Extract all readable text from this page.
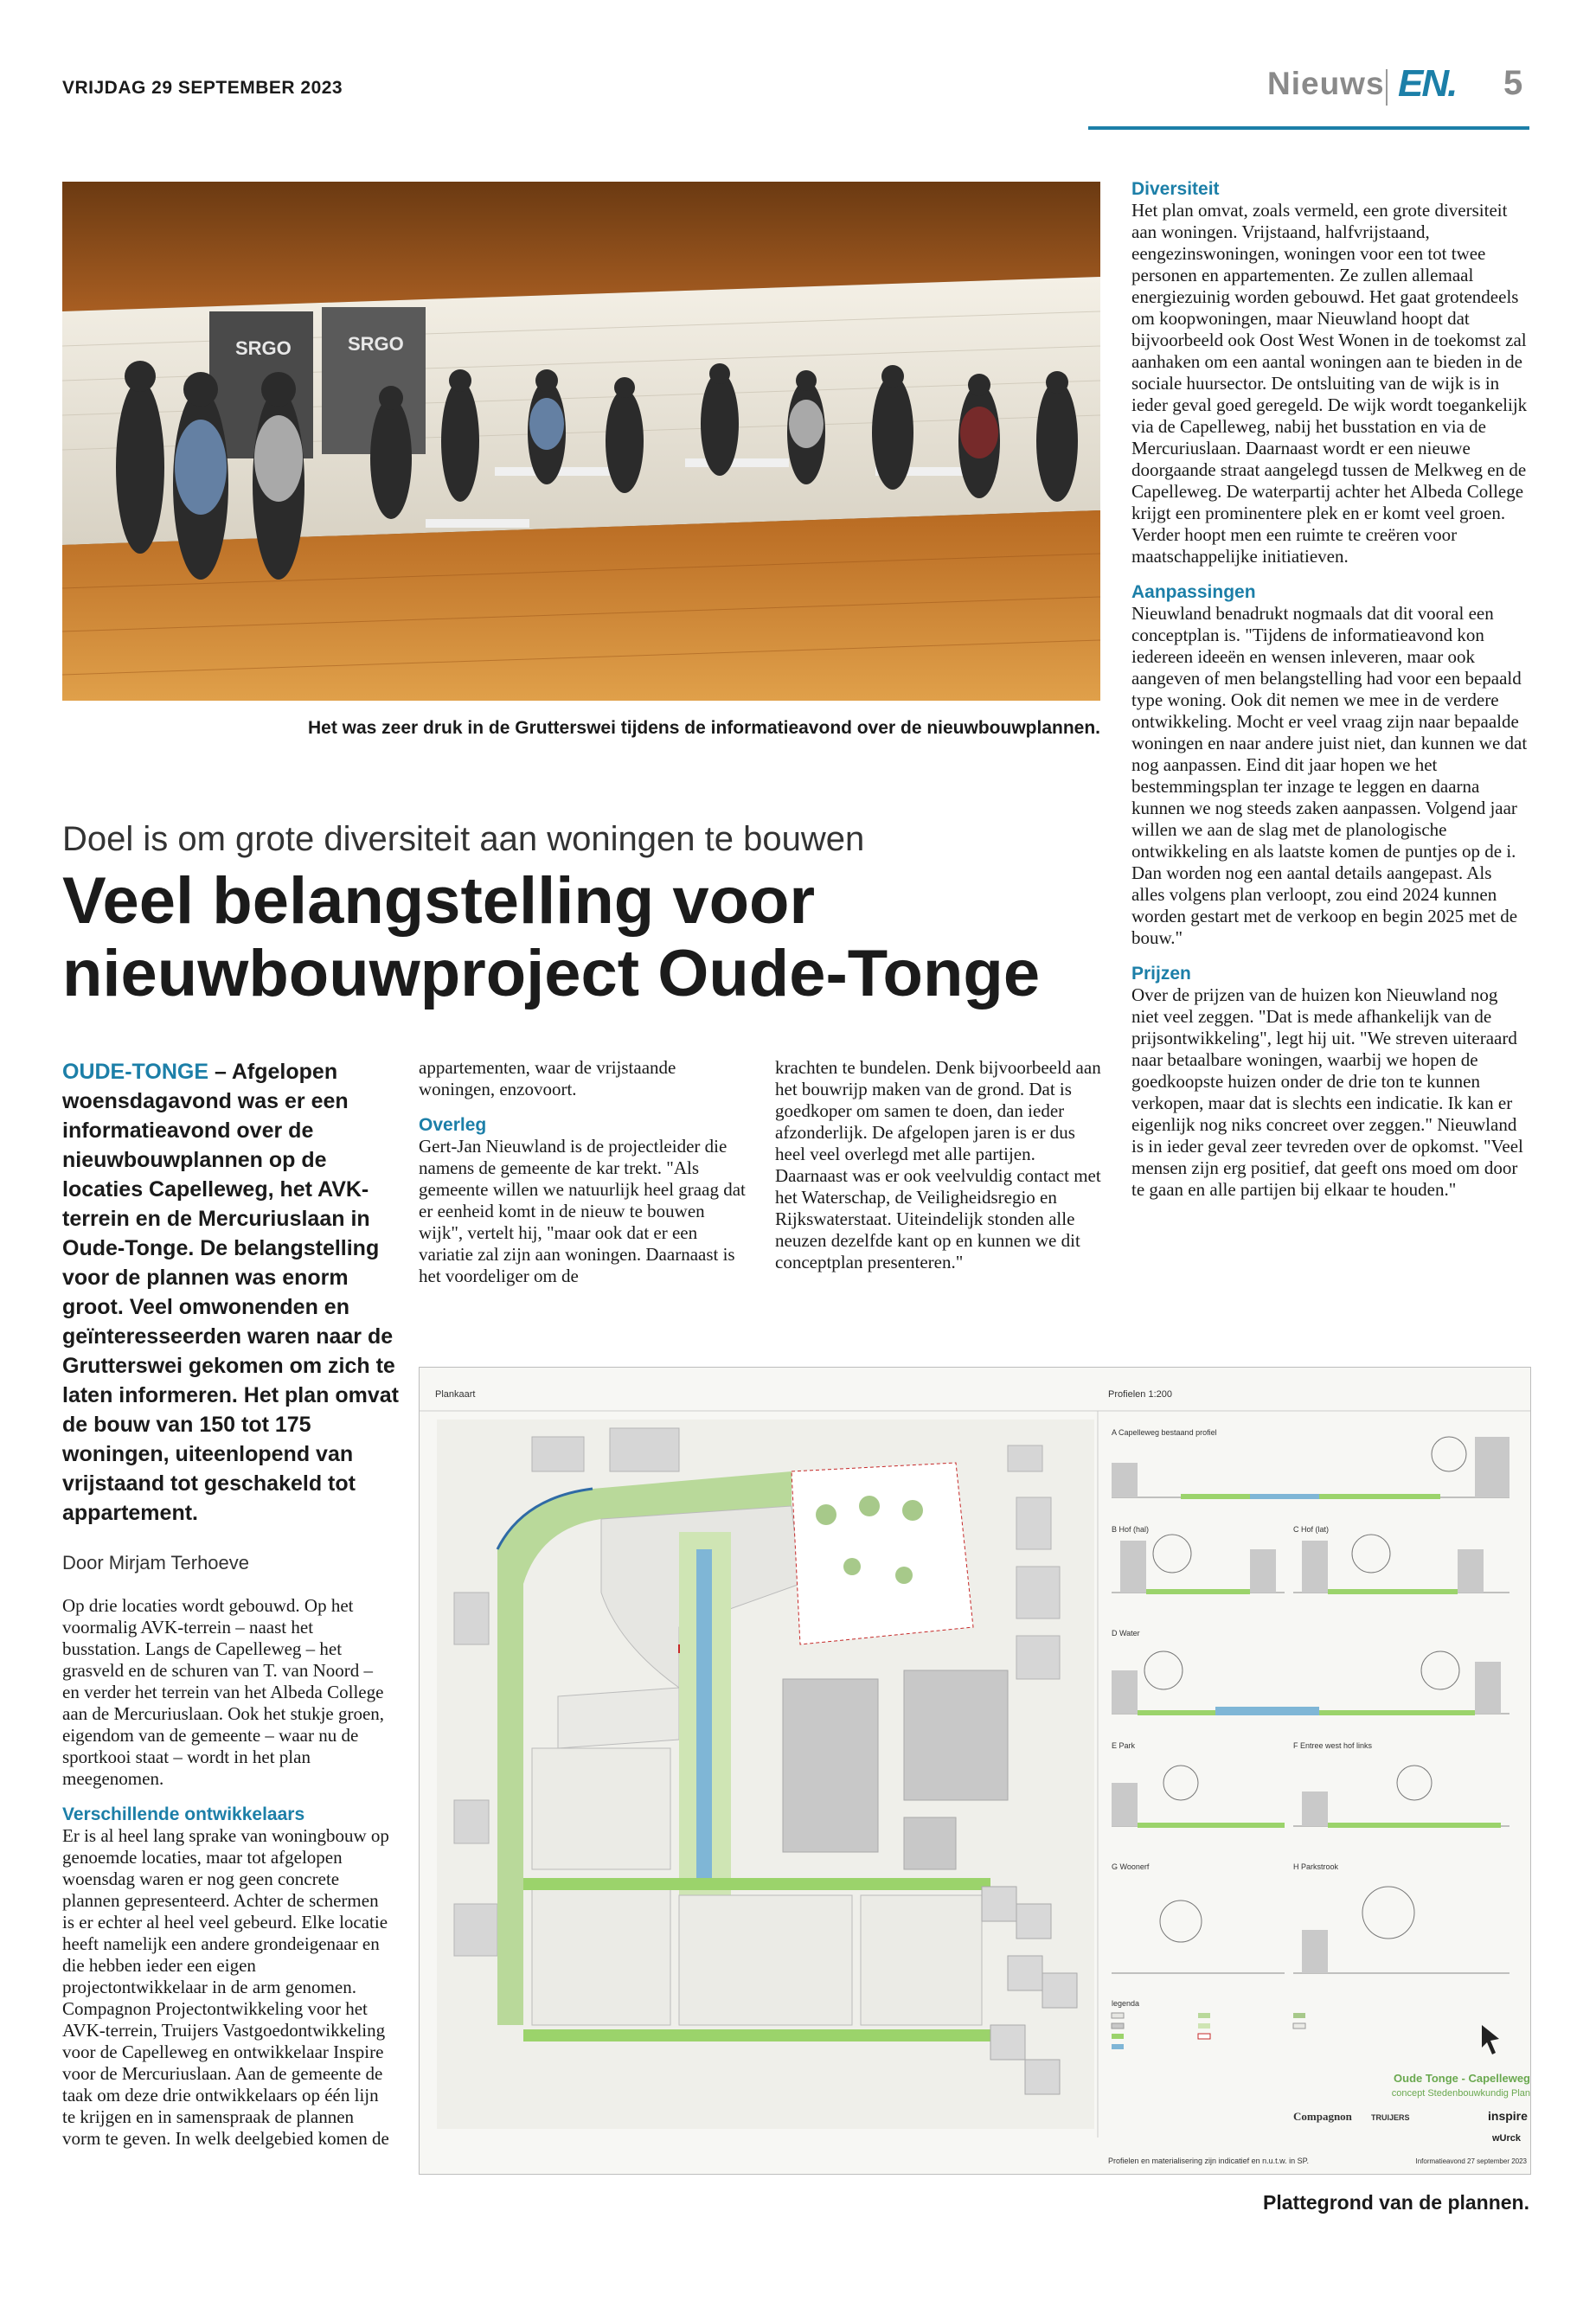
VRIJDAG 29 SEPTEMBER 2023	Nieuws EN. 5
SRGO	SRGO
Het was zeer druk in de Grutterswei tijdens de informatieavond over de nieuwbouwplannen.
Doel is om grote diversiteit aan woningen te bouwen
Veel belangstelling voor nieuwbouwproject Oude-Tonge
OUDE-TONGE – Afgelopen woensdagavond was er een informatieavond over de nieuwbouwplannen op de locaties Capelleweg, het AVK-terrein en de Mercuriuslaan in Oude-Tonge. De belangstelling voor de plannen was enorm groot. Veel omwonenden en geïnteresseerden waren naar de Grutterswei gekomen om zich te laten informeren. Het plan omvat de bouw van 150 tot 175 woningen, uiteenlopend van vrijstaand tot geschakeld tot appartement.
Door Mirjam Terhoeve
Op drie locaties wordt gebouwd. Op het voormalig AVK-terrein – naast het busstation. Langs de Capelleweg – het grasveld en de schuren van T. van Noord – en verder het terrein van het Albeda College aan de Mercuriuslaan. Ook het stukje groen, eigendom van de gemeente – waar nu de sportkooi staat – wordt in het plan meegenomen.
Verschillende ontwikkelaars
Er is al heel lang sprake van woningbouw op genoemde locaties, maar tot afgelopen woensdag waren er nog geen concrete plannen gepresenteerd. Achter de schermen is er echter al heel veel gebeurd. Elke locatie heeft namelijk een andere grondeigenaar en die hebben ieder een eigen projectontwikkelaar in de arm genomen. Compagnon Projectontwikkeling voor het AVK-terrein, Truijers Vastgoedontwikkeling voor de Capelleweg en ontwikkelaar Inspire voor de Mercuriuslaan. Aan de gemeente de taak om deze drie ontwikkelaars op één lijn te krijgen en in samenspraak de plannen vorm te geven. In welk deelgebied komen de
appartementen, waar de vrijstaande woningen, enzovoort.
Overleg
Gert-Jan Nieuwland is de projectleider die namens de gemeente de kar trekt. "Als gemeente willen we natuurlijk heel graag dat er eenheid komt in de nieuw te bouwen wijk", vertelt hij, "maar ook dat er een variatie zal zijn aan woningen. Daarnaast is het voordeliger om de
krachten te bundelen. Denk bijvoorbeeld aan het bouwrijp maken van de grond. Dat is goedkoper om samen te doen, dan ieder afzonderlijk. De afgelopen jaren is er dus heel veel overlegd met alle partijen. Daarnaast was er ook veelvuldig contact met het Waterschap, de Veiligheidsregio en Rijkswaterstaat. Uiteindelijk stonden alle neuzen dezelfde kant op en kunnen we dit conceptplan presenteren."
Diversiteit
Het plan omvat, zoals vermeld, een grote diversiteit aan woningen. Vrijstaand, halfvrijstaand, eengezinswoningen, woningen voor een tot twee personen en appartementen. Ze zullen allemaal energiezuinig worden gebouwd. Het gaat grotendeels om koopwoningen, maar Nieuwland hoopt dat bijvoorbeeld ook Oost West Wonen in de toekomst zal aanhaken om een aantal woningen aan te bieden in de sociale huursector. De ontsluiting van de wijk is in ieder geval goed geregeld. De wijk wordt toegankelijk via de Capelleweg, nabij het busstation en via de Mercuriuslaan. Daarnaast wordt er een nieuwe doorgaande straat aangelegd tussen de Melkweg en de Capelleweg. De waterpartij achter het Albeda College krijgt een prominentere plek en er komt veel groen. Verder hoopt men een ruimte te creëren voor maatschappelijke initiatieven.
Aanpassingen
Nieuwland benadrukt nogmaals dat dit vooral een conceptplan is. "Tijdens de informatieavond kon iedereen ideeën en wensen inleveren, maar ook aangeven of men belangstelling had voor een bepaald type woning. Ook dit nemen we mee in de verdere ontwikkeling. Mocht er veel vraag zijn naar bepaalde woningen en naar andere juist niet, dan kunnen we dat nog aanpassen. Eind dit jaar hopen we het bestemmingsplan ter inzage te leggen en daarna kunnen we nog steeds zaken aanpassen. Volgend jaar willen we aan de slag met de planologische ontwikkeling en als laatste komen de puntjes op de i. Dan worden nog een aantal details aangepast. Als alles volgens plan verloopt, zou eind 2024 kunnen worden gestart met de verkoop en begin 2025 met de bouw."
Prijzen
Over de prijzen van de huizen kon Nieuwland nog niet veel zeggen. "Dat is mede afhankelijk van de prijsontwikkeling", legt hij uit. "We streven uiteraard naar betaalbare woningen, waarbij we hopen de goedkoopste huizen onder de drie ton te kunnen verkopen, maar dat is slechts een indicatie. Ik kan er eigenlijk nog niks concreet over zeggen." Nieuwland is in ieder geval zeer tevreden over de opkomst. "Veel mensen zijn erg positief, dat geeft ons moed om door te gaan en alle partijen bij elkaar te houden."
Plankaart	Profielen 1:200
A Capelleweg bestaand profiel
B Hof (hal)	C Hof (lat)
D Water
E Park	F Entree west hof links
G Woonerf	H Parkstrook
legenda
Oude Tonge - Capelleweg
concept Stedenbouwkundig Plan
Compagnon TRUIJERS	inspire
wUrck
Profielen en materialisering zijn indicatief en n.u.t.w. in SP.	Informatieavond 27 september 2023
Plattegrond van de plannen.
